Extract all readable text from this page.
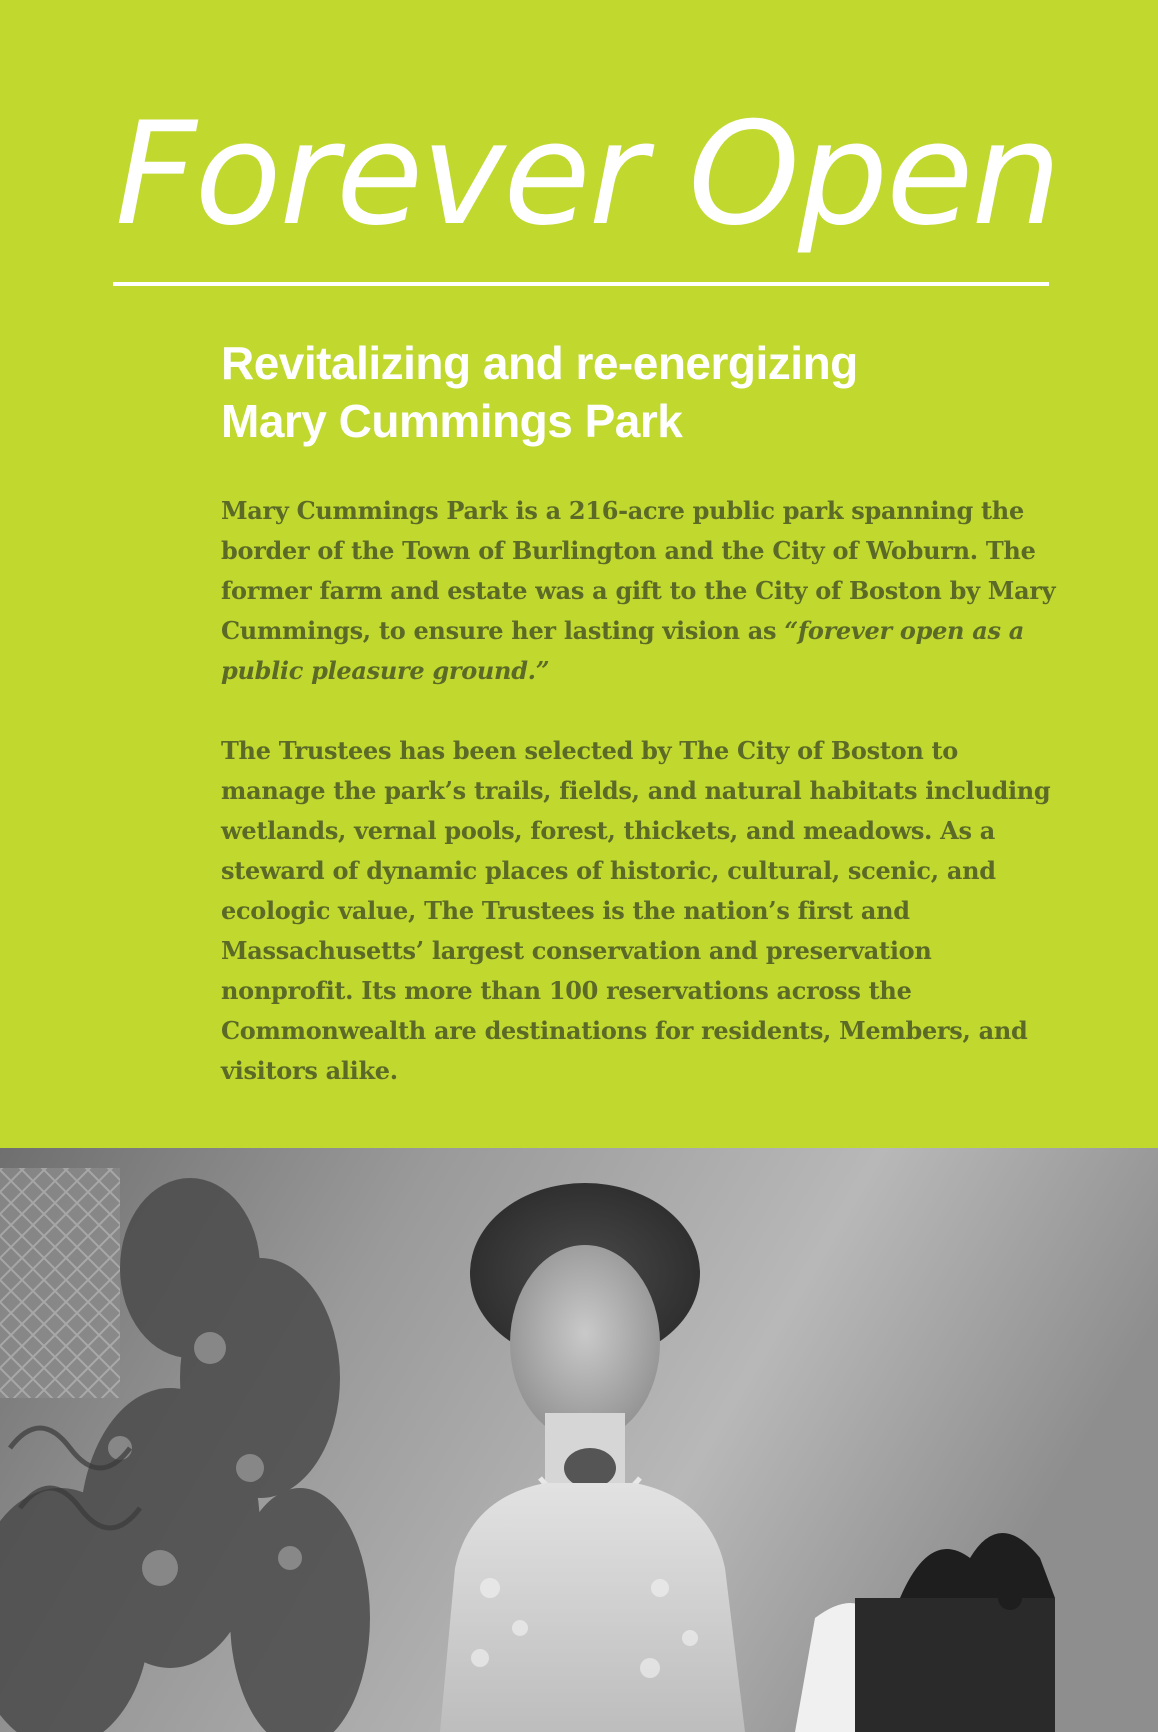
Forever Open
Revitalizing and re-energizing
Mary Cummings Park

Mary Cummings Park is a 216-acre public park spanning the border of the Town of Burlington and the City of Woburn. The former farm and estate was a gift to the City of Boston by Mary Cummings, to ensure her lasting vision as “forever open as a public pleasure ground.”

The Trustees has been selected by The City of Boston to manage the park’s trails, fields, and natural habitats including wetlands, vernal pools, forest, thickets, and meadows. As a steward of dynamic places of historic, cultural, scenic, and ecologic value, The Trustees is the nation’s first and Massachusetts’ largest conservation and preservation nonprofit. Its more than 100 reservations across the Commonwealth are destinations for residents, Members, and visitors alike.
